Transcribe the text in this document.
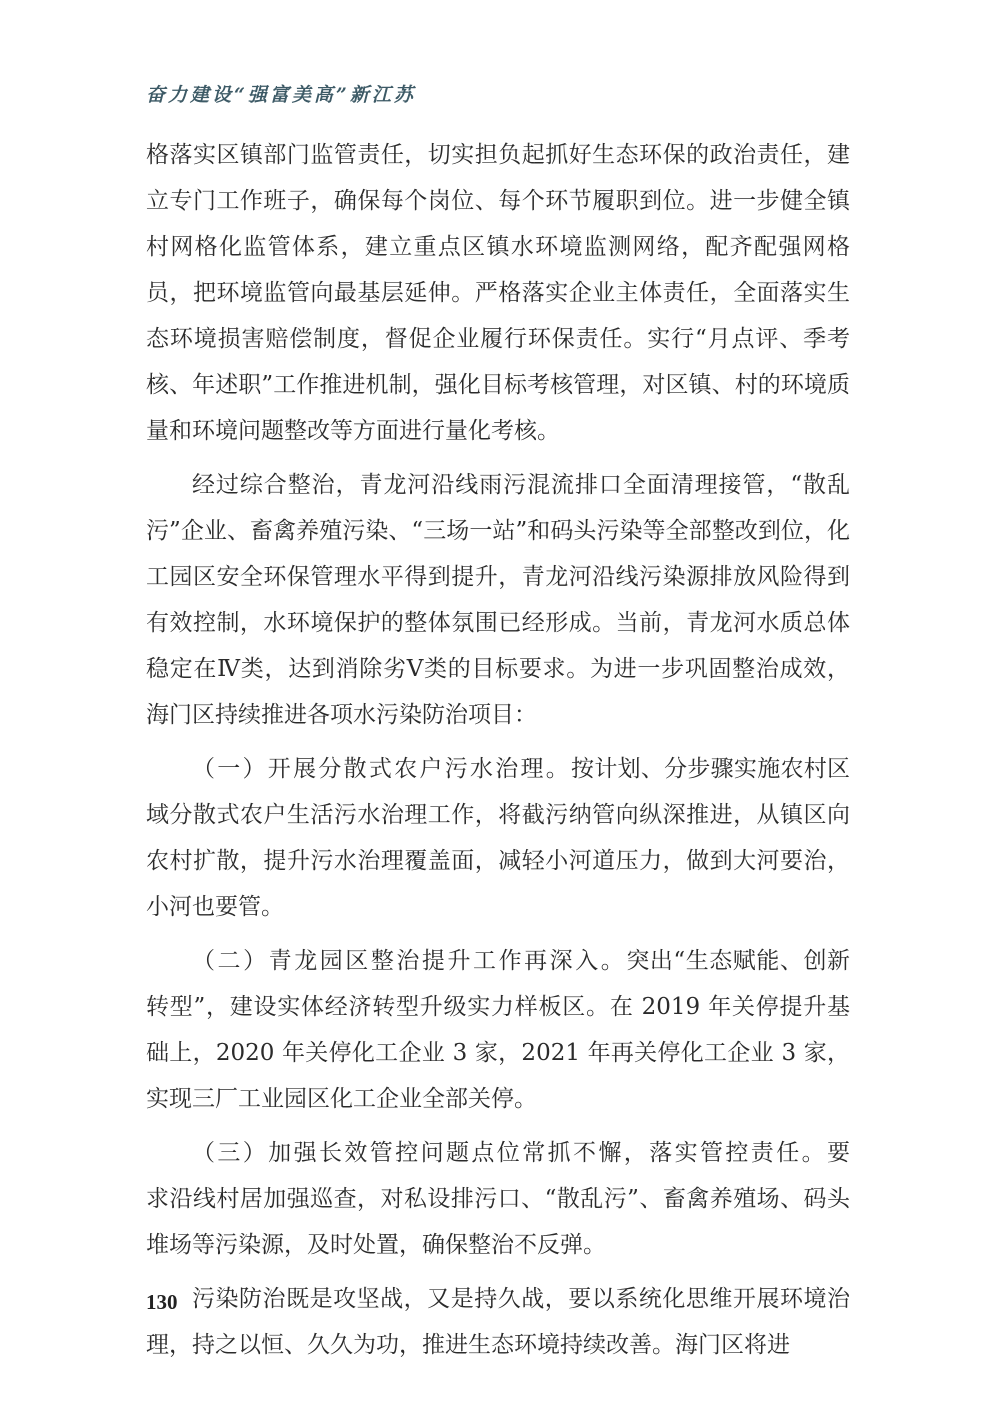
奋力建设“强富美高”新江苏

格落实区镇部门监管责任，切实担负起抓好生态环保的政治责任，建立专门工作班子，确保每个岗位、每个环节履职到位。进一步健全镇村网格化监管体系，建立重点区镇水环境监测网络，配齐配强网格员，把环境监管向最基层延伸。严格落实企业主体责任，全面落实生态环境损害赔偿制度，督促企业履行环保责任。实行“月点评、季考核、年述职”工作推进机制，强化目标考核管理，对区镇、村的环境质量和环境问题整改等方面进行量化考核。

经过综合整治，青龙河沿线雨污混流排口全面清理接管，“散乱污”企业、畜禽养殖污染、“三场一站”和码头污染等全部整改到位，化工园区安全环保管理水平得到提升，青龙河沿线污染源排放风险得到有效控制，水环境保护的整体氛围已经形成。当前，青龙河水质总体稳定在Ⅳ类，达到消除劣Ⅴ类的目标要求。为进一步巩固整治成效，海门区持续推进各项水污染防治项目：

（一）开展分散式农户污水治理。按计划、分步骤实施农村区域分散式农户生活污水治理工作，将截污纳管向纵深推进，从镇区向农村扩散，提升污水治理覆盖面，减轻小河道压力，做到大河要治，小河也要管。

（二）青龙园区整治提升工作再深入。突出“生态赋能、创新转型”，建设实体经济转型升级实力样板区。在 2019 年关停提升基础上，2020 年关停化工企业 3 家，2021 年再关停化工企业 3 家，实现三厂工业园区化工企业全部关停。

（三）加强长效管控问题点位常抓不懈，落实管控责任。要求沿线村居加强巡查，对私设排污口、“散乱污”、畜禽养殖场、码头堆场等污染源，及时处置，确保整治不反弹。

污染防治既是攻坚战，又是持久战，要以系统化思维开展环境治理，持之以恒、久久为功，推进生态环境持续改善。海门区将进

130
